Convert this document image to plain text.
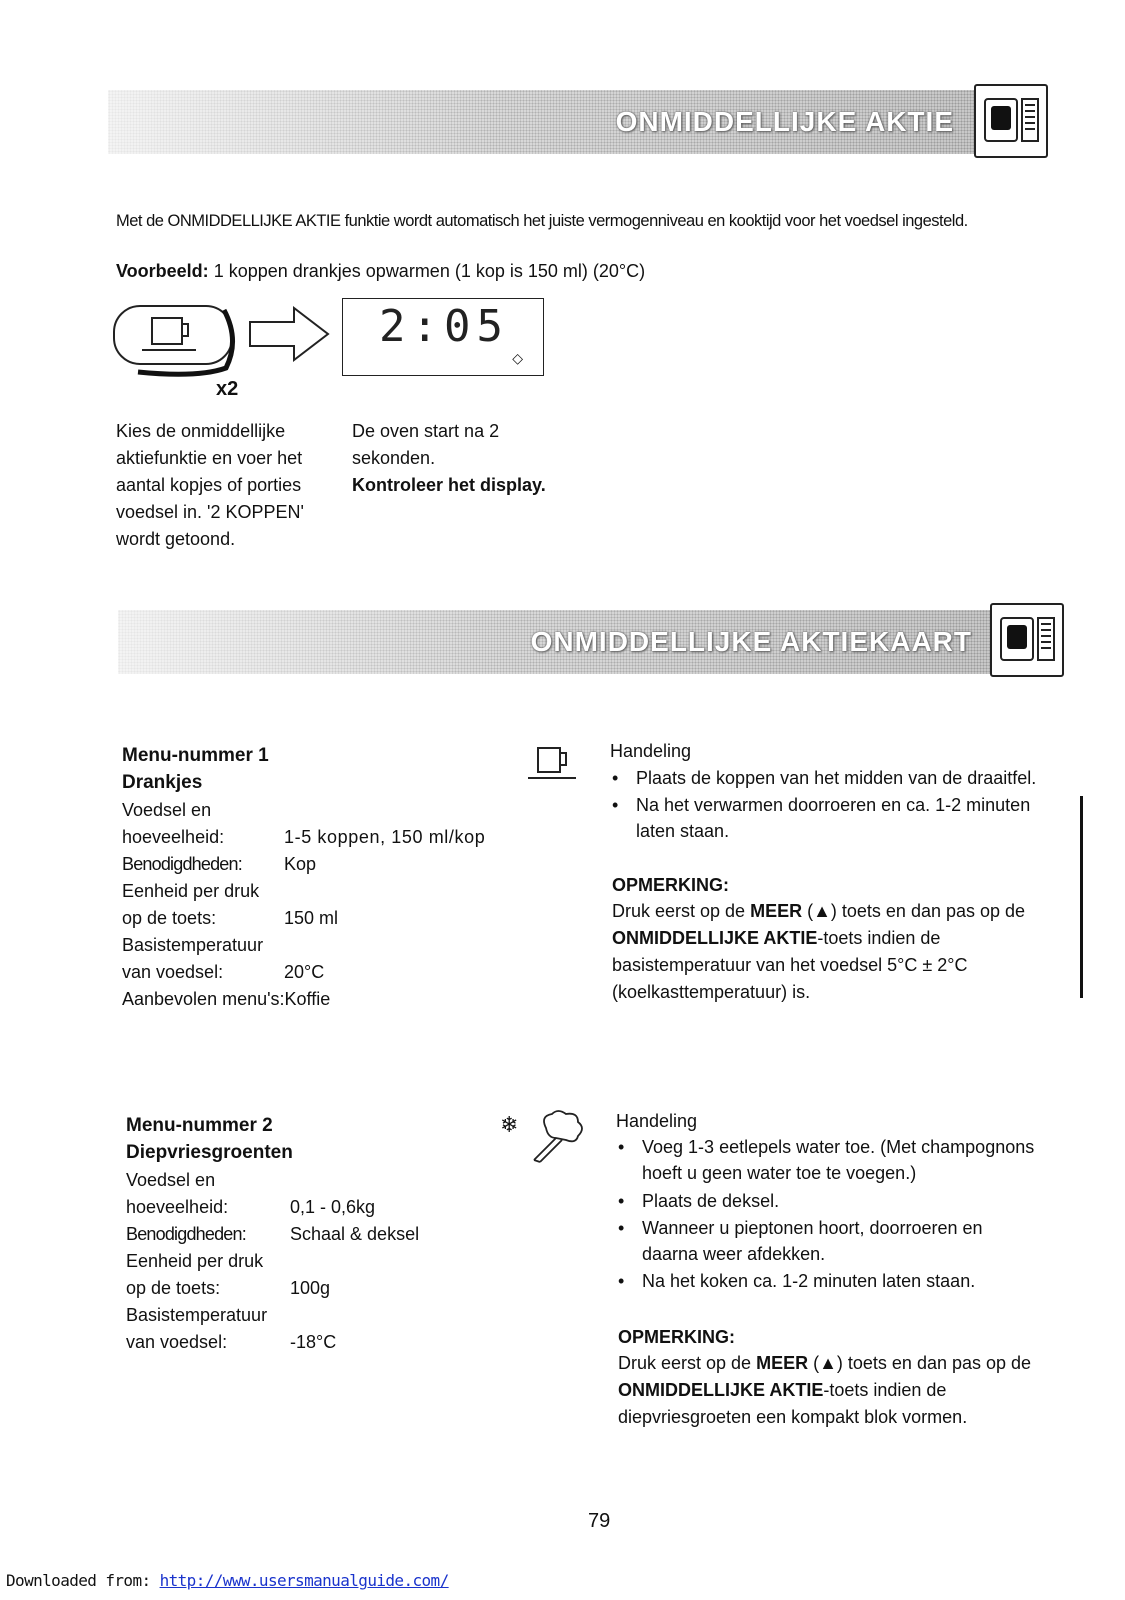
ONMIDDELLIJKE AKTIE
Met de ONMIDDELLIJKE AKTIE funktie wordt automatisch het juiste vermogenniveau en kooktijd voor het voedsel ingesteld.
Voorbeeld: 1 koppen drankjes opwarmen (1 kop is 150 ml) (20°C)
x2
2:05
◇
Kies de onmiddellijke
aktiefunktie en voer het
aantal kopjes of porties
voedsel in. '2 KOPPEN'
wordt getoond.
De oven start na 2
sekonden.
Kontroleer het display.
ONMIDDELLIJKE AKTIEKAART
Menu-nummer 1
Drankjes
Voedsel en
hoeveelheid:	1-5 koppen, 150 ml/kop
Benodigdheden: Kop
Eenheid per druk
op de toets:	150 ml
Basistemperatuur
van voedsel:	20°C
Aanbevolen menu's:Koffie
Handeling
• Plaats de koppen van het midden van de draaitfel.
• Na het verwarmen doorroeren en ca. 1-2 minuten laten staan.
OPMERKING:
Druk eerst op de MEER (▲) toets en dan pas op de
ONMIDDELLIJKE AKTIE-toets indien de
basistemperatuur van het voedsel 5°C ± 2°C
(koelkasttemperatuur) is.
Menu-nummer 2
Diepvriesgroenten
Voedsel en
hoeveelheid:	0,1 - 0,6kg
Benodigdheden: Schaal & deksel
Eenheid per druk
op de toets:	100g
Basistemperatuur
van voedsel:	-18°C
❄	Handeling
• Voeg 1-3 eetlepels water toe. (Met champognons hoeft u geen water toe te voegen.)
• Plaats de deksel.
• Wanneer u pieptonen hoort, doorroeren en daarna weer afdekken.
• Na het koken ca. 1-2 minuten laten staan.
OPMERKING:
Druk eerst op de MEER (▲) toets en dan pas op de
ONMIDDELLIJKE AKTIE-toets indien de
diepvriesgroeten een kompakt blok vormen.
79
Downloaded from: http://www.usersmanualguide.com/
